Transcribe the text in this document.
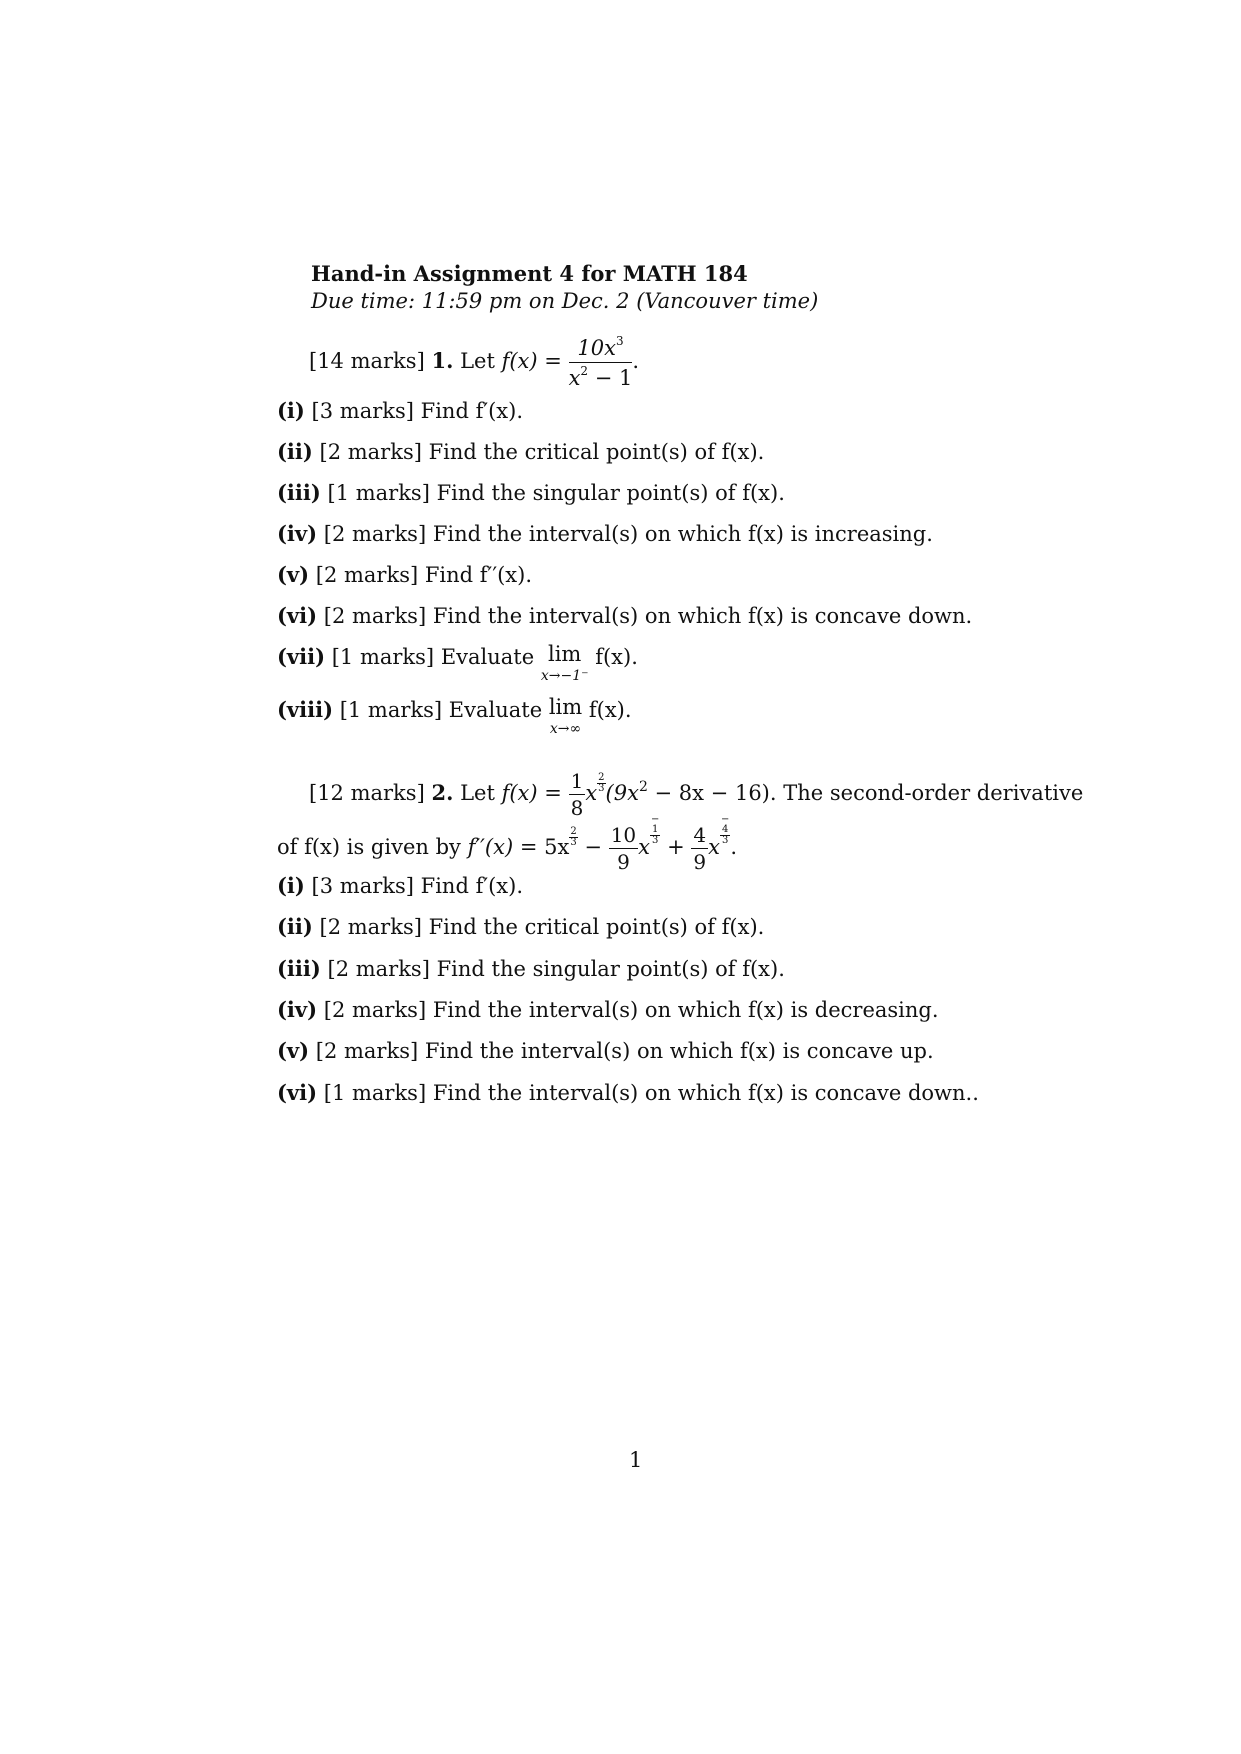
Hand-in Assignment 4 for MATH 184
Due time: 11:59 pm on Dec. 2 (Vancouver time)
[14 marks] 1. Let $f(x) = \frac{10x^3}{x^2 - 1}$ .
(i) [3 marks] Find f′(x).
(ii) [2 marks] Find the critical point(s) of f(x).
(iii) [1 marks] Find the singular point(s) of f(x).
(iv) [2 marks] Find the interval(s) on which f(x) is increasing.
(v) [2 marks] Find f′′(x).
(vi) [2 marks] Find the interval(s) on which f(x) is concave down.
(vii) [1 marks] Evaluate lim
x→−1⁻
f(x).
(viii) [1 marks] Evaluate lim
x→∞
f(x).
[12 marks] 2. Let $f(x) = \frac{1}{8}$ x $\frac{2}{3} (9x^2 - 8x - 16)$. The second-order derivative
of f(x) is given by $f''(x) = 5x \frac{2}{3} - \frac{10}{9}$ x
−
1
3
+ $\frac{4}{9}$ x
−
4
3
.
(i) [3 marks] Find f′(x).
(ii) [2 marks] Find the critical point(s) of f(x).
(iii) [2 marks] Find the singular point(s) of f(x).
(iv) [2 marks] Find the interval(s) on which f(x) is decreasing.
(v) [2 marks] Find the interval(s) on which f(x) is concave up.
(vi) [1 marks] Find the interval(s) on which f(x) is concave down..
1
